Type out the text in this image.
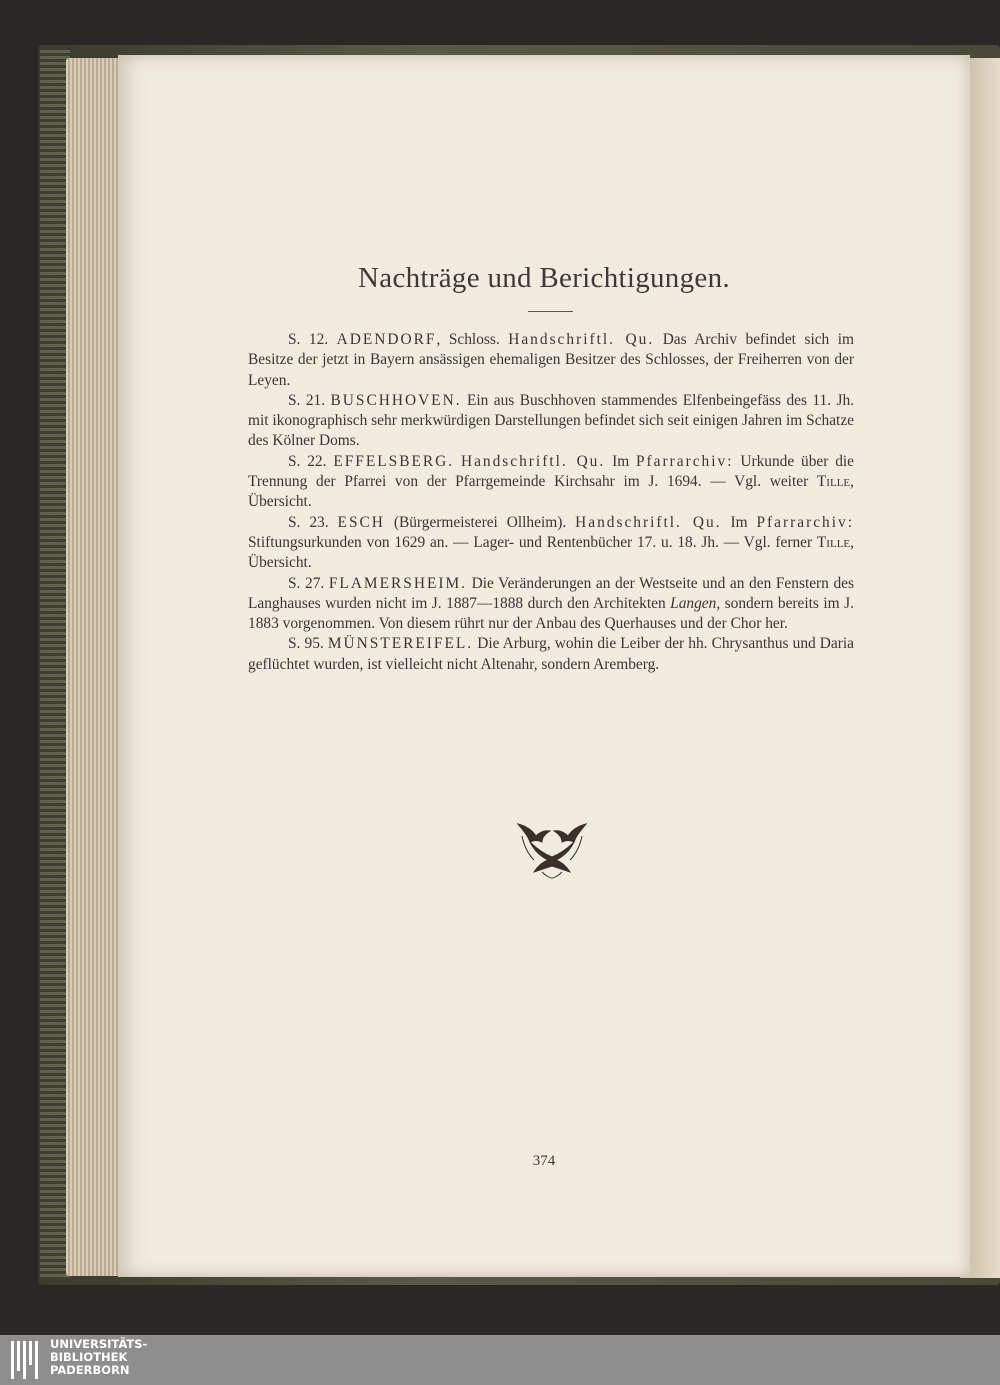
Nachträge und Berichtigungen.

S. 12. ADENDORF, Schloss. Handschriftl. Qu. Das Archiv befindet sich im Besitze der jetzt in Bayern ansässigen ehemaligen Besitzer des Schlosses, der Freiherren von der Leyen.

S. 21. BUSCHHOVEN. Ein aus Buschhoven stammendes Elfenbeingefäss des 11. Jh. mit ikonographisch sehr merkwürdigen Darstellungen befindet sich seit einigen Jahren im Schatze des Kölner Doms.

S. 22. EFFELSBERG. Handschriftl. Qu. Im Pfarrarchiv: Urkunde über die Trennung der Pfarrei von der Pfarrgemeinde Kirchsahr im J. 1694. — Vgl. weiter Tille, Übersicht.

S. 23. ESCH (Bürgermeisterei Ollheim). Handschriftl. Qu. Im Pfarrarchiv: Stiftungsurkunden von 1629 an. — Lager- und Rentenbücher 17. u. 18. Jh. — Vgl. ferner Tille, Übersicht.

S. 27. FLAMERSHEIM. Die Veränderungen an der Westseite und an den Fenstern des Langhauses wurden nicht im J. 1887—1888 durch den Architekten Langen, sondern bereits im J. 1883 vorgenommen. Von diesem rührt nur der Anbau des Querhauses und der Chor her.

S. 95. MÜNSTEREIFEL. Die Arburg, wohin die Leiber der hh. Chrysanthus und Daria geflüchtet wurden, ist vielleicht nicht Altenahr, sondern Aremberg.

374
UNIVERSITÄTS-
BIBLIOTHEK
PADERBORN
